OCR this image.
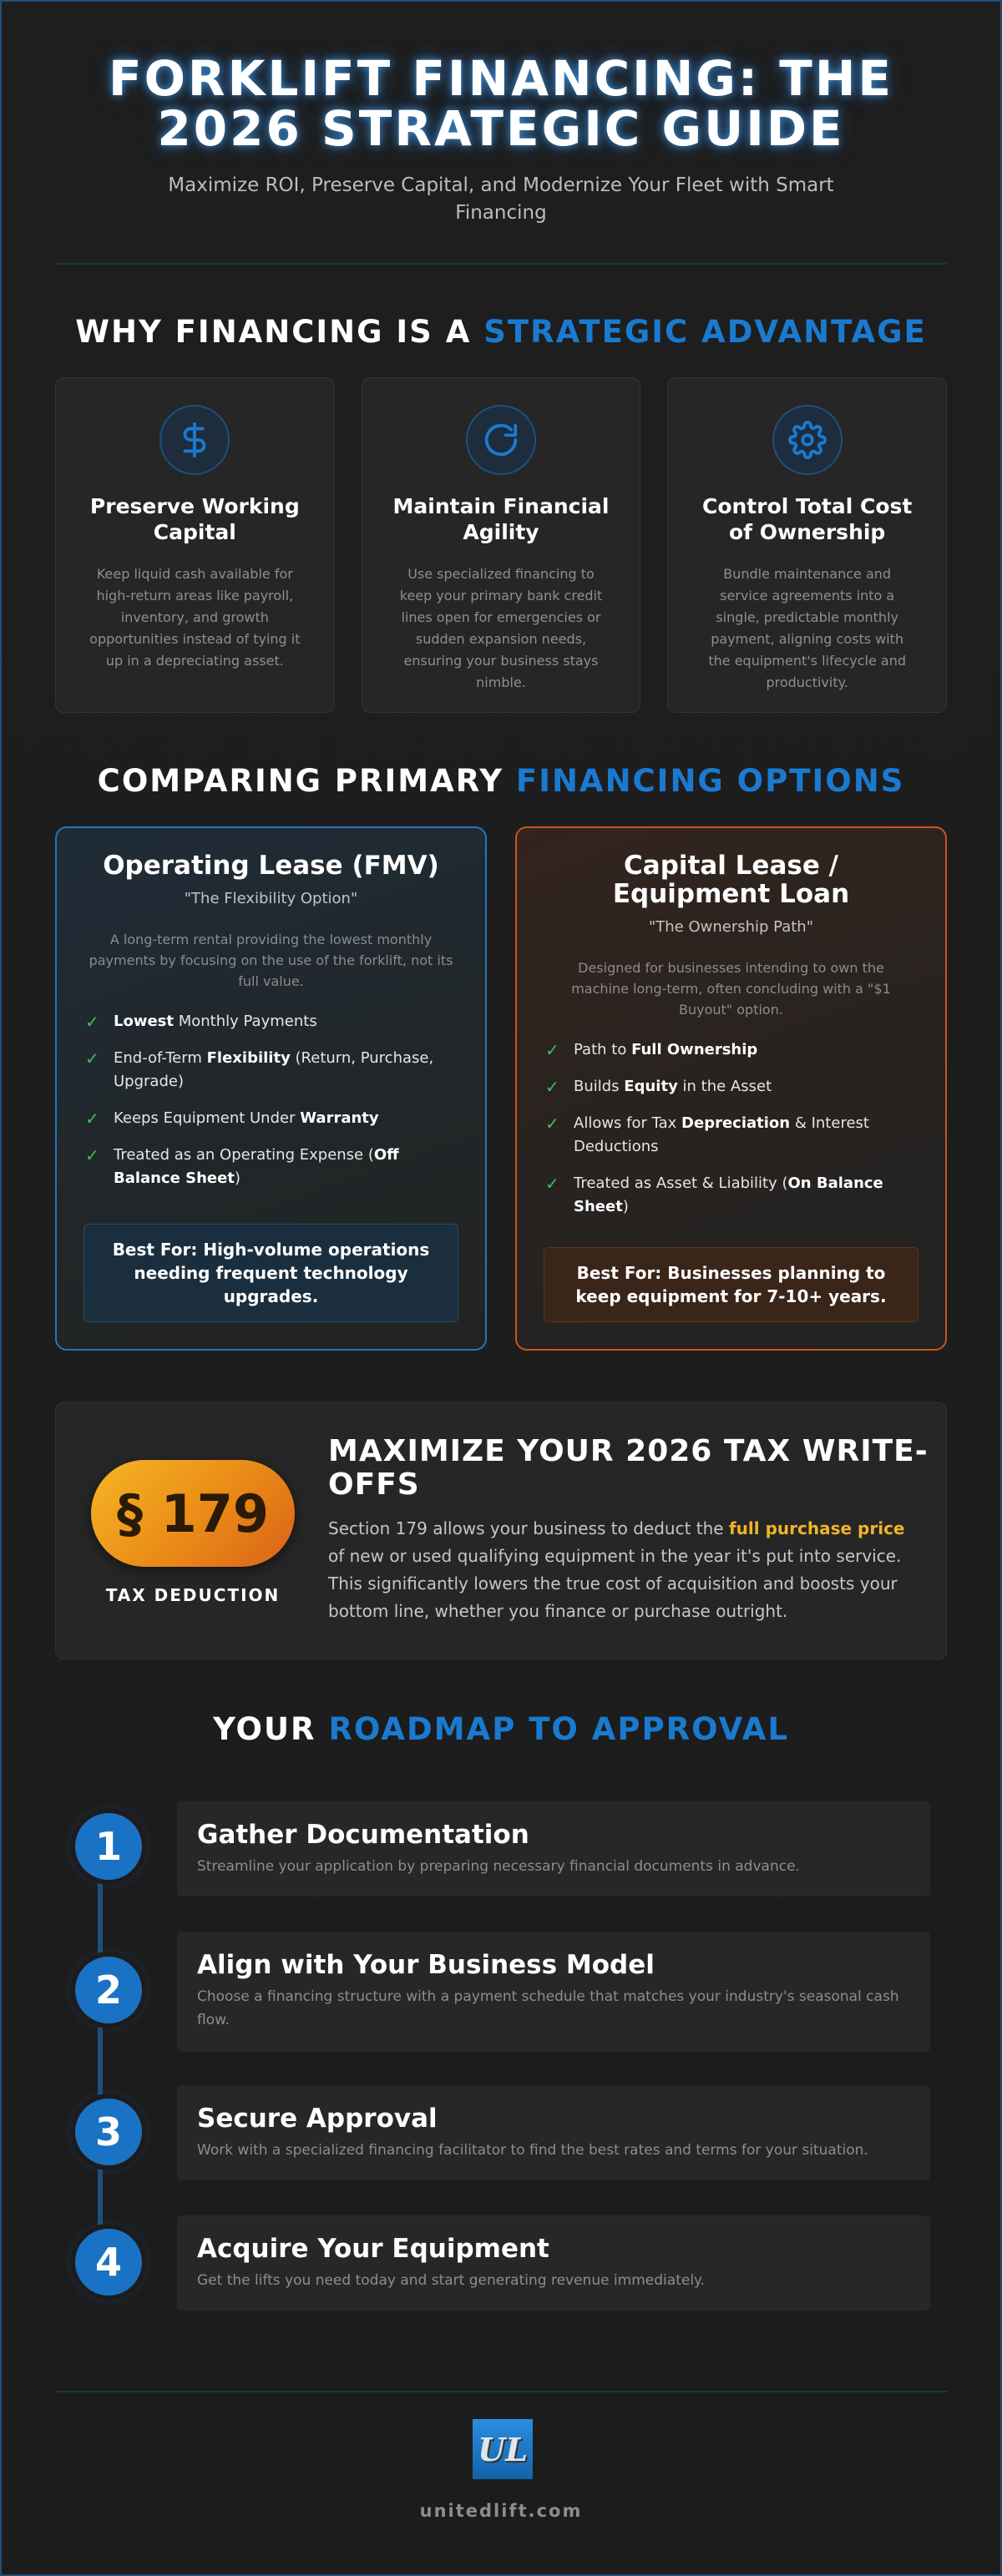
FORKLIFT FINANCING: THE
2026 STRATEGIC GUIDE
Maximize ROI, Preserve Capital, and Modernize Your Fleet with Smart Financing
WHY FINANCING IS A STRATEGIC ADVANTAGE
Preserve Working Capital
Keep liquid cash available for high-return areas like payroll, inventory, and growth opportunities instead of tying it up in a depreciating asset.
Maintain Financial Agility
Use specialized financing to keep your primary bank credit lines open for emergencies or sudden expansion needs, ensuring your business stays nimble.
Control Total Cost of Ownership
Bundle maintenance and service agreements into a single, predictable monthly payment, aligning costs with the equipment's lifecycle and productivity.
COMPARING PRIMARY FINANCING OPTIONS
Operating Lease (FMV)
"The Flexibility Option"
A long-term rental providing the lowest monthly payments by focusing on the use of the forklift, not its full value.
✓ Lowest Monthly Payments
✓ End-of-Term Flexibility (Return, Purchase, Upgrade)
✓ Keeps Equipment Under Warranty
✓ Treated as an Operating Expense (Off Balance Sheet)
Best For: High-volume operations needing frequent technology upgrades.
Capital Lease / Equipment Loan
"The Ownership Path"
Designed for businesses intending to own the machine long-term, often concluding with a "$1 Buyout" option.
✓ Path to Full Ownership
✓ Builds Equity in the Asset
✓ Allows for Tax Depreciation & Interest Deductions
✓ Treated as Asset & Liability (On Balance Sheet)
Best For: Businesses planning to keep equipment for 7-10+ years.
§ 179
TAX DEDUCTION
MAXIMIZE YOUR 2026 TAX WRITE-OFFS
Section 179 allows your business to deduct the full purchase price of new or used qualifying equipment in the year it's put into service. This significantly lowers the true cost of acquisition and boosts your bottom line, whether you finance or purchase outright.
YOUR ROADMAP TO APPROVAL
1	Gather Documentation
Streamline your application by preparing necessary financial documents in advance.
2
Align with Your Business Model
Choose a financing structure with a payment schedule that matches your industry's seasonal cash flow.
3	Secure Approval
Work with a specialized financing facilitator to find the best rates and terms for your situation.
4	Acquire Your Equipment
Get the lifts you need today and start generating revenue immediately.
UL
unitedlift.com
